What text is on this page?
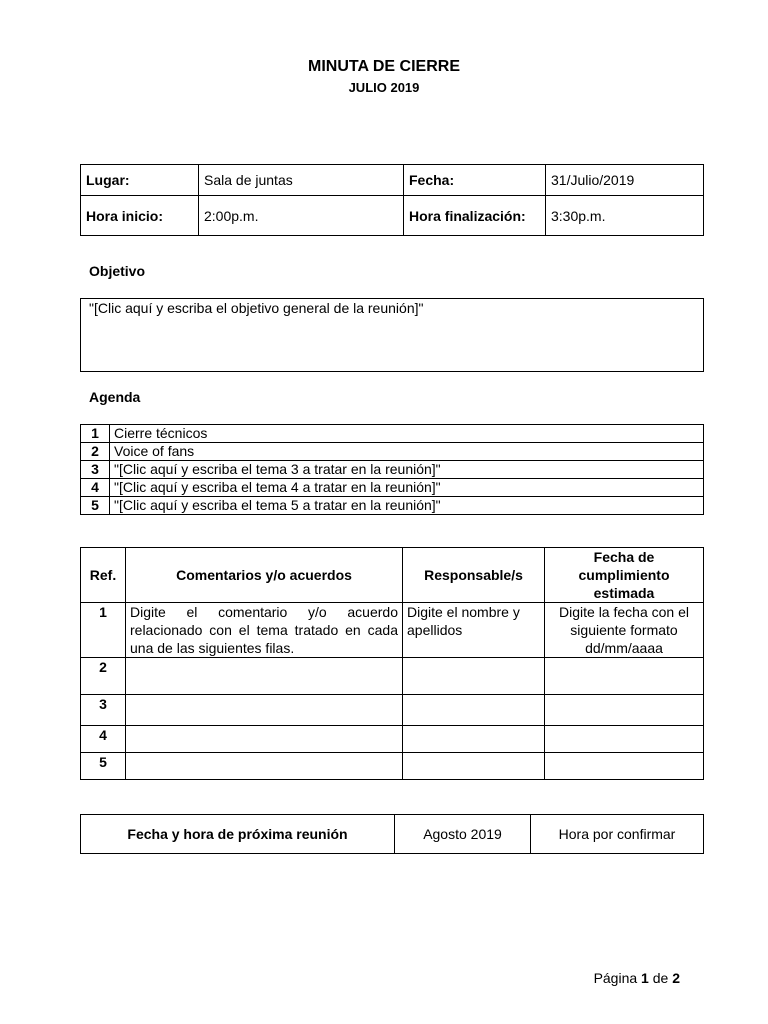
MINUTA DE CIERRE
JULIO 2019
Lugar:	Sala de juntas	Fecha:	31/Julio/2019
Hora inicio:	2:00p.m.	Hora finalización:	3:30p.m.
Objetivo
"[Clic aquí y escriba el objetivo general de la reunión]"
Agenda
1	Cierre técnicos
2	Voice of fans
3	"[Clic aquí y escriba el tema 3 a tratar en la reunión]"
4	"[Clic aquí y escriba el tema 4 a tratar en la reunión]"
5	"[Clic aquí y escriba el tema 5 a tratar en la reunión]"
Ref.	Comentarios y/o acuerdos	Responsable/s	Fecha de cumplimiento estimada
1	Digite el comentario y/o acuerdo relacionado con el tema tratado en cada una de las siguientes filas.	Digite el nombre y apellidos	Digite la fecha con el siguiente formato dd/mm/aaaa
2			
3			
4			
5			
Fecha y hora de próxima reunión	Agosto 2019	Hora por confirmar
Página 1 de 2
